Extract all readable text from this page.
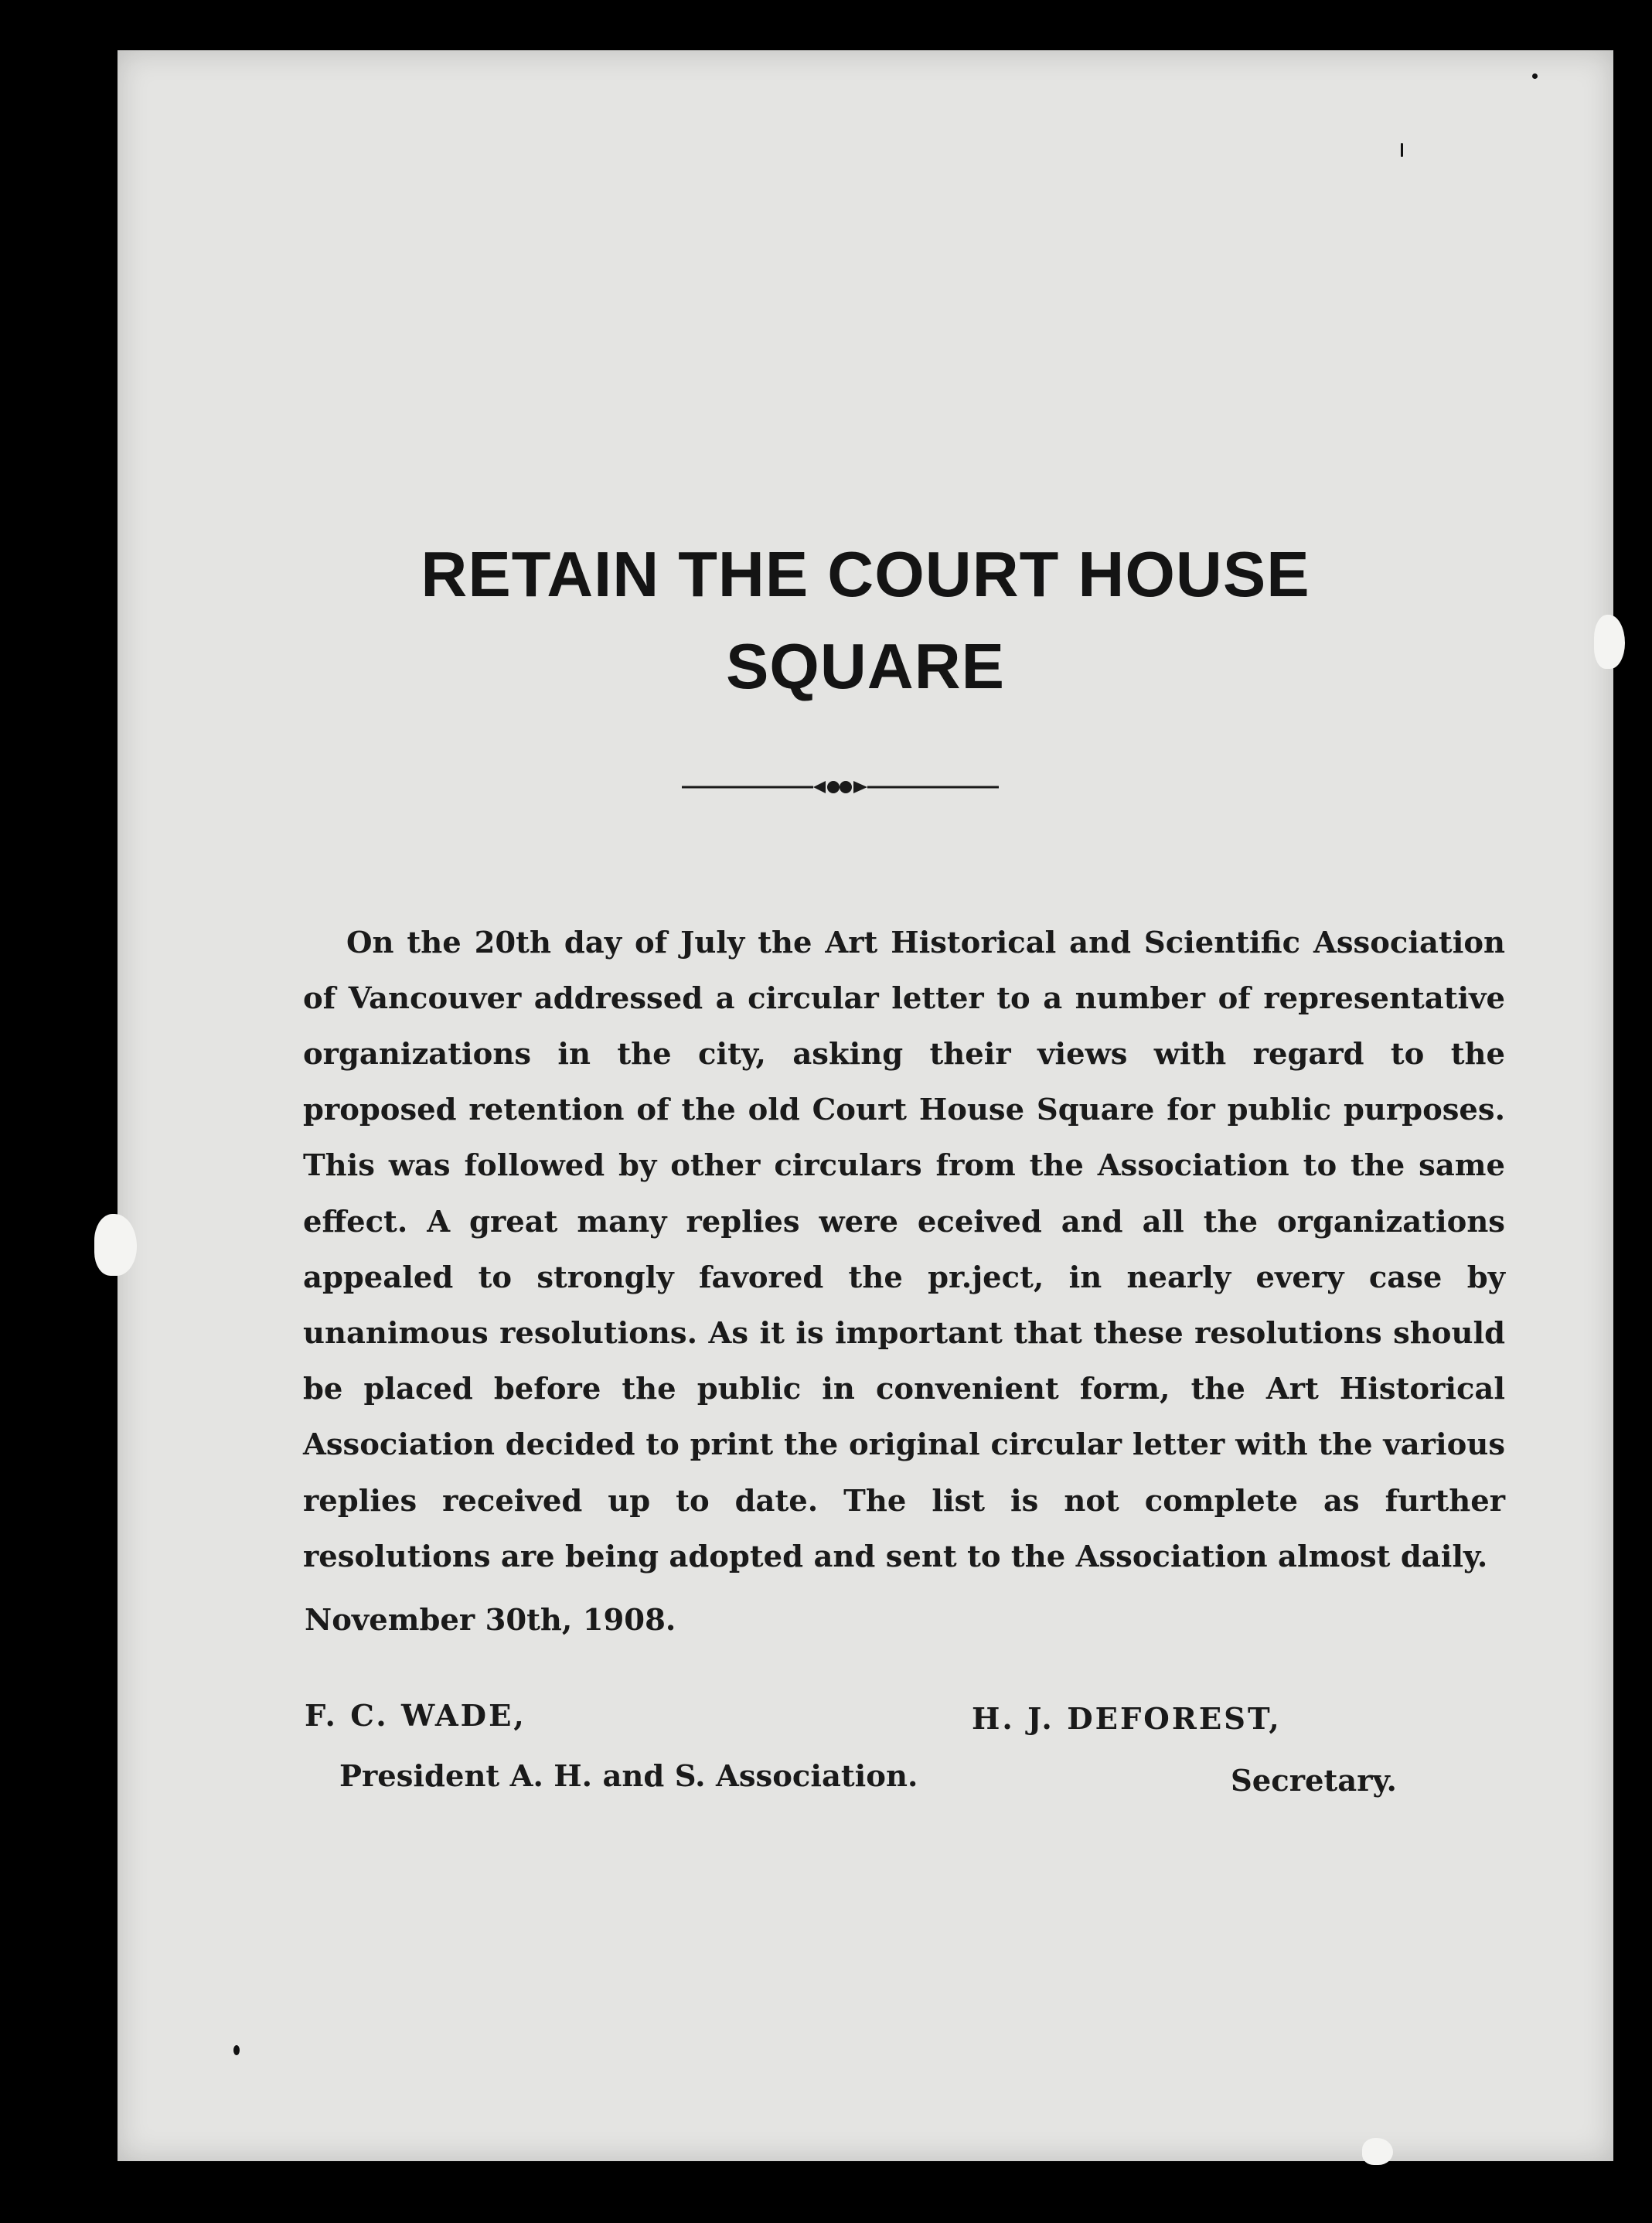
RETAIN THE COURT HOUSE
SQUARE

On the 20th day of July the Art Historical and Scientific Association of Vancouver addressed a circular letter to a number of representative organizations in the city, asking their views with regard to the proposed retention of the old Court House Square for public purposes. This was followed by other circulars from the Association to the same effect. A great many replies were eceived and all the organizations appealed to strongly favored the pr.ject, in nearly every case by unanimous resolutions. As it is important that these resolutions should be placed before the public in convenient form, the Art Historical Association decided to print the original circular letter with the various replies received up to date. The list is not complete as further resolutions are being adopted and sent to the Association almost daily.

November 30th, 1908.
F. C. WADE,
President A. H. and S. Association.
H. J. DEFOREST,
Secretary.
